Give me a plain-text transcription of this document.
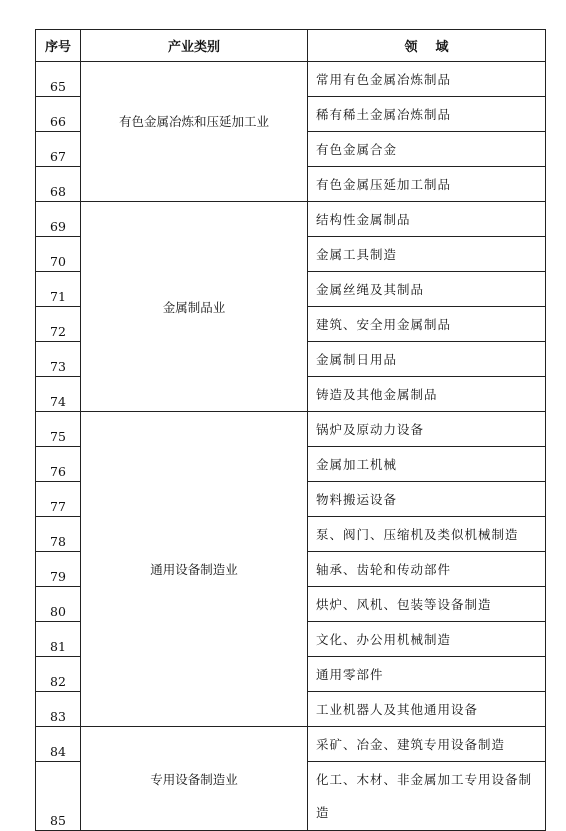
序号	产业类别	领    域
65	有色金属冶炼和压延加工业	常用有色金属冶炼制品
66		稀有稀土金属冶炼制品
67		有色金属合金
68		有色金属压延加工制品
69	金属制品业	结构性金属制品
70		金属工具制造
71		金属丝绳及其制品
72		建筑、安全用金属制品
73		金属制日用品
74		铸造及其他金属制品
75	通用设备制造业	锅炉及原动力设备
76		金属加工机械
77		物料搬运设备
78		泵、阀门、压缩机及类似机械制造
79		轴承、齿轮和传动部件
80		烘炉、风机、包装等设备制造
81		文化、办公用机械制造
82		通用零部件
83		工业机器人及其他通用设备
84	专用设备制造业	采矿、冶金、建筑专用设备制造
85		化工、木材、非金属加工专用设备制造
